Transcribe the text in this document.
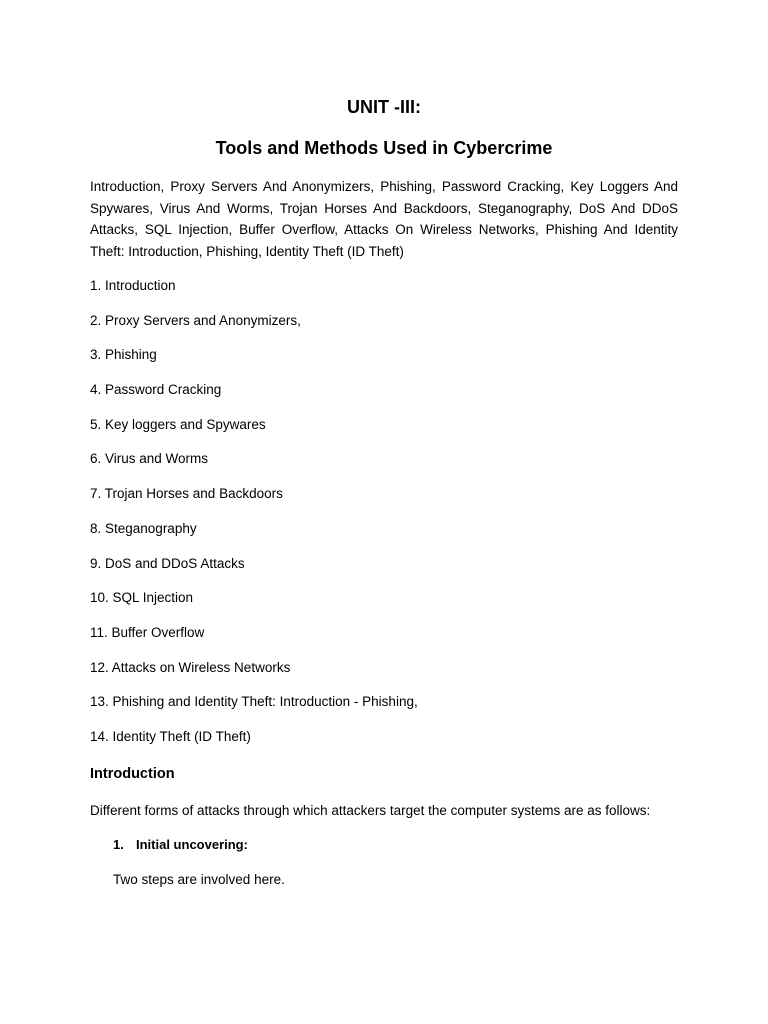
UNIT -III:
Tools and Methods Used in Cybercrime

Introduction, Proxy Servers And Anonymizers, Phishing, Password Cracking, Key Loggers And Spywares, Virus And Worms, Trojan Horses And Backdoors, Steganography, DoS And DDoS Attacks, SQL Injection, Buffer Overflow, Attacks On Wireless Networks, Phishing And Identity Theft: Introduction, Phishing, Identity Theft (ID Theft)

1. Introduction
2. Proxy Servers and Anonymizers,
3. Phishing
4. Password Cracking
5. Key loggers and Spywares
6. Virus and Worms
7. Trojan Horses and Backdoors
8. Steganography
9. DoS and DDoS Attacks
10. SQL Injection
11. Buffer Overflow
12. Attacks on Wireless Networks
13. Phishing and Identity Theft: Introduction - Phishing,
14. Identity Theft (ID Theft)
Introduction

Different forms of attacks through which attackers target the computer systems are as follows:

1. Initial uncovering:

Two steps are involved here.
